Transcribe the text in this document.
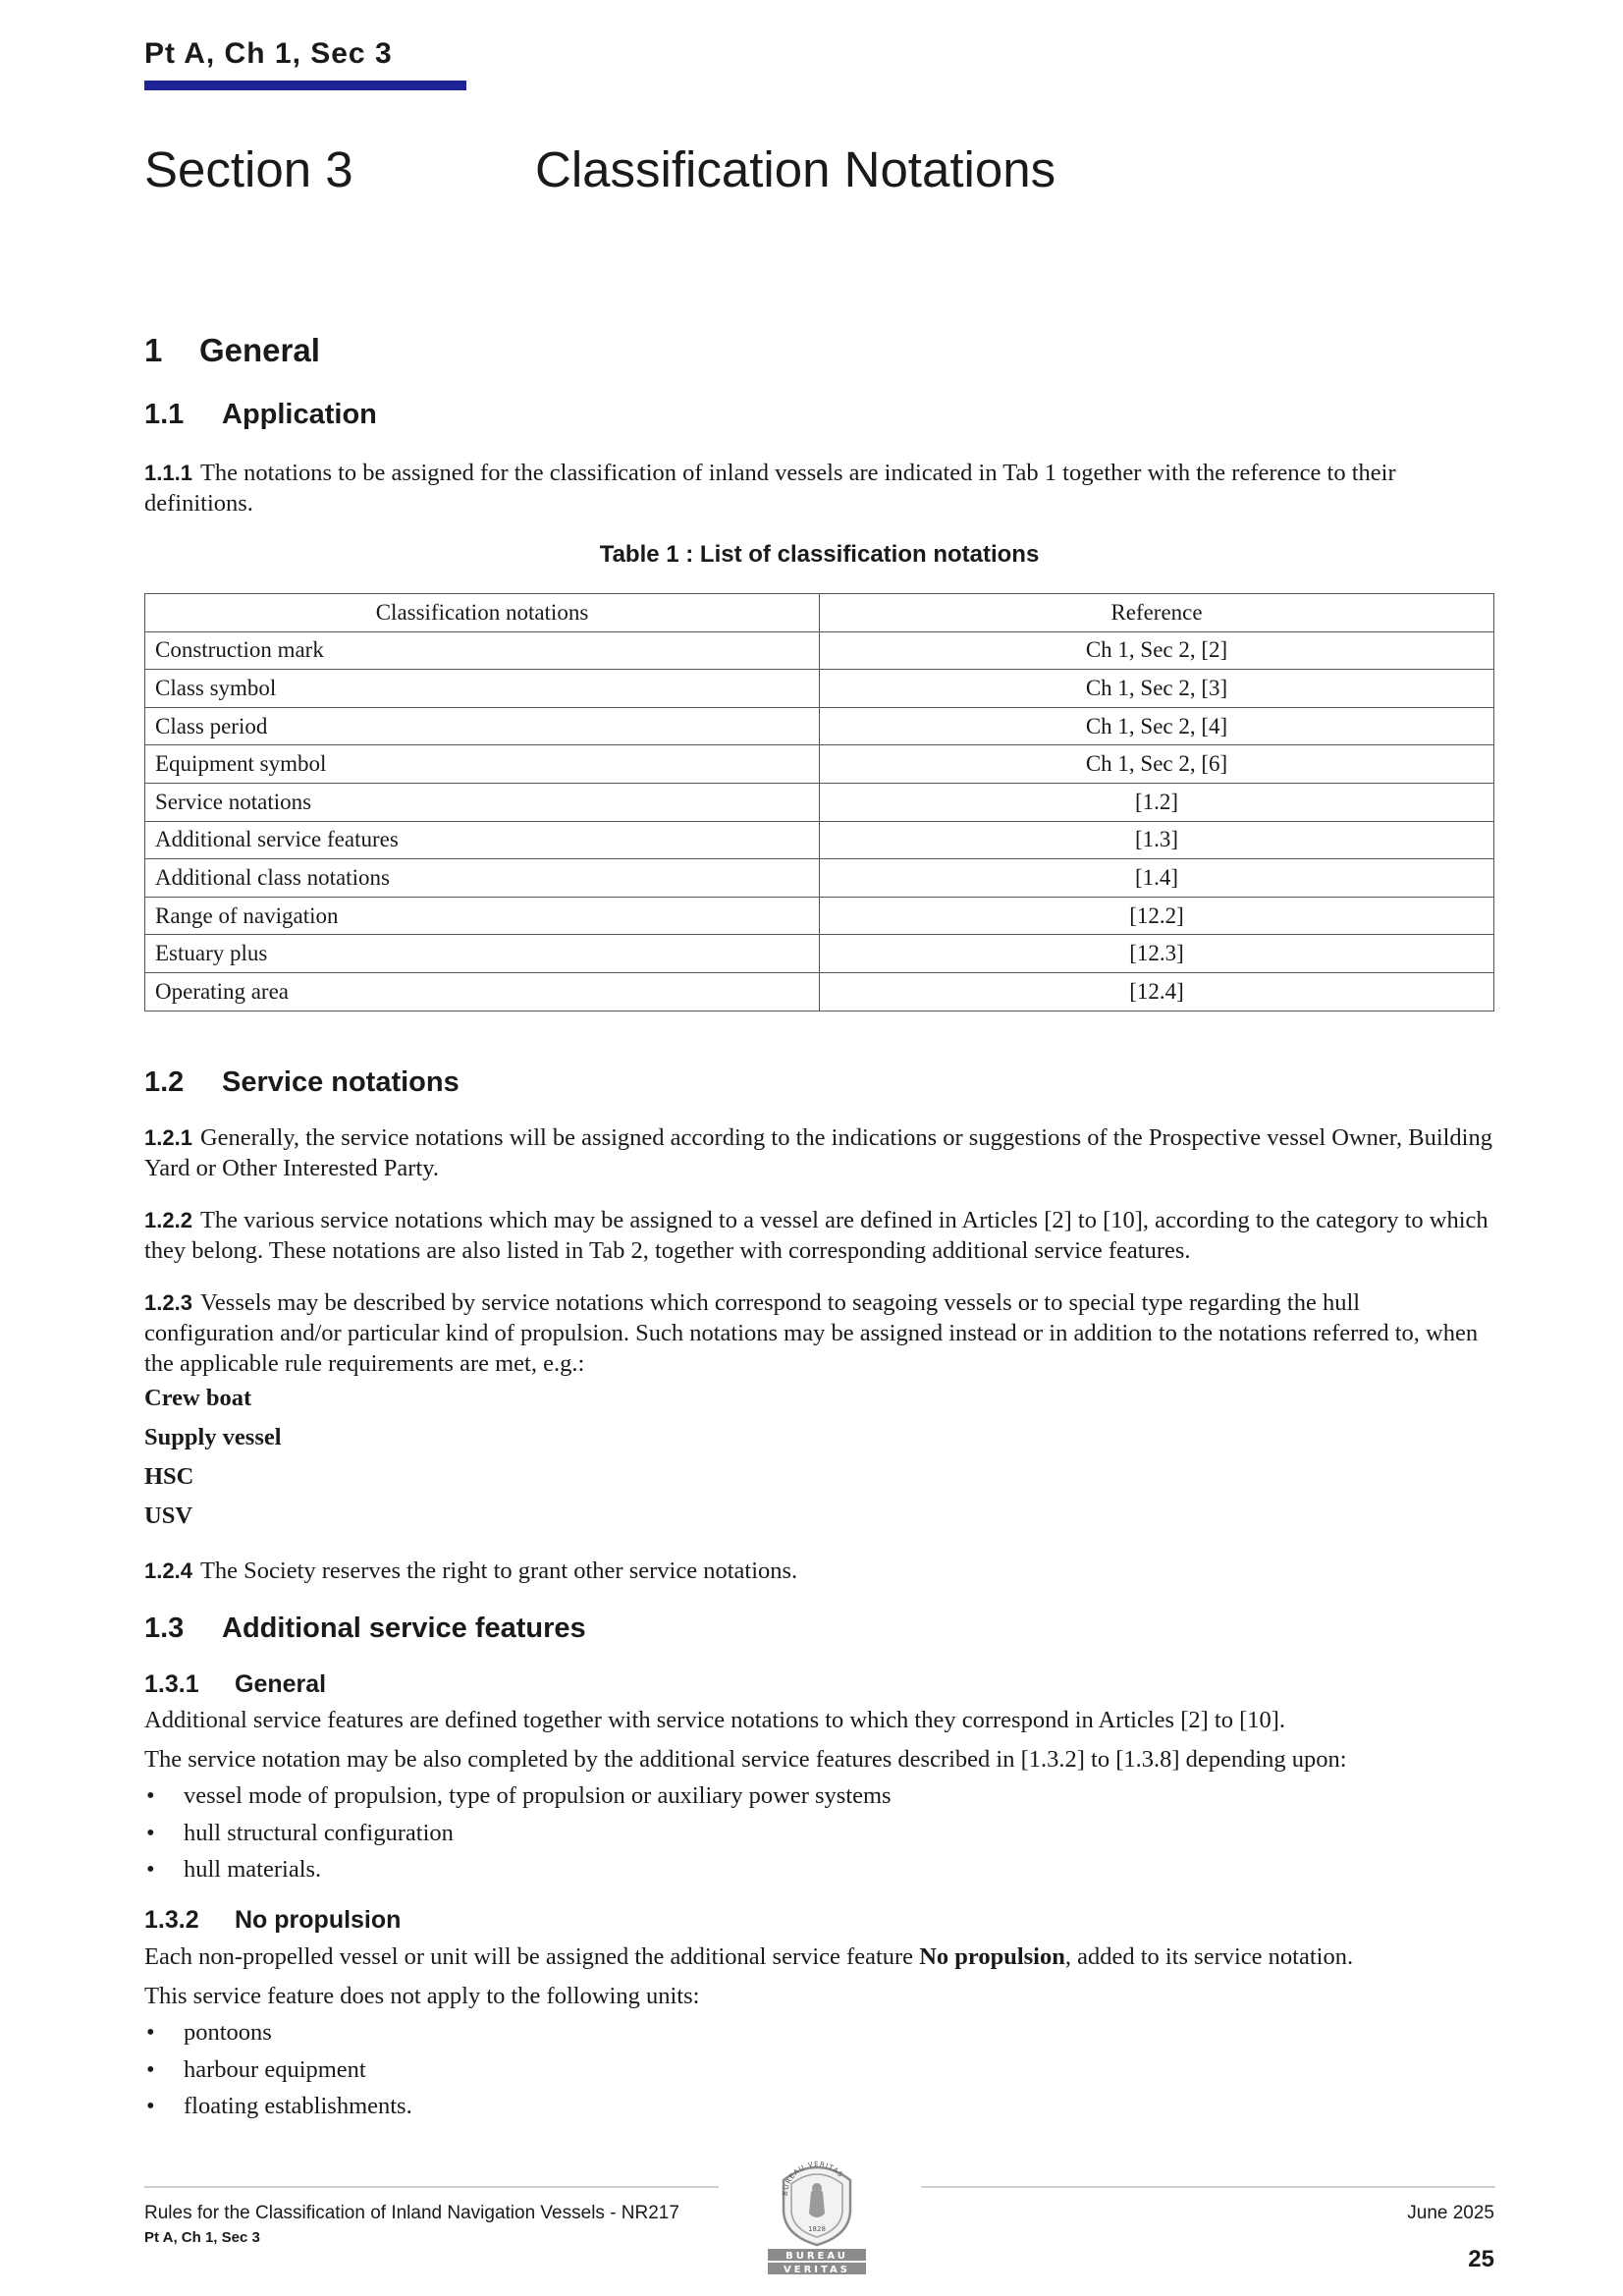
Pt A, Ch 1, Sec 3
Section 3	Classification Notations
1 General
1.1 Application
1.1.1 The notations to be assigned for the classification of inland vessels are indicated in Tab 1 together with the reference to their definitions.
Table 1 : List of classification notations
Classification notations	Reference
Construction mark	Ch 1, Sec 2, [2]
Class symbol	Ch 1, Sec 2, [3]
Class period	Ch 1, Sec 2, [4]
Equipment symbol	Ch 1, Sec 2, [6]
Service notations	[1.2]
Additional service features	[1.3]
Additional class notations	[1.4]
Range of navigation	[12.2]
Estuary plus	[12.3]
Operating area	[12.4]
1.2 Service notations
1.2.1 Generally, the service notations will be assigned according to the indications or suggestions of the Prospective vessel Owner, Building Yard or Other Interested Party.
1.2.2 The various service notations which may be assigned to a vessel are defined in Articles [2] to [10], according to the category to which they belong. These notations are also listed in Tab 2, together with corresponding additional service features.
1.2.3 Vessels may be described by service notations which correspond to seagoing vessels or to special type regarding the hull configuration and/or particular kind of propulsion. Such notations may be assigned instead or in addition to the notations referred to, when the applicable rule requirements are met, e.g.:
Crew boat
Supply vessel
HSC
USV
1.2.4 The Society reserves the right to grant other service notations.
1.3 Additional service features
1.3.1 General
Additional service features are defined together with service notations to which they correspond in Articles [2] to [10].
The service notation may be also completed by the additional service features described in [1.3.2] to [1.3.8] depending upon:
• vessel mode of propulsion, type of propulsion or auxiliary power systems
• hull structural configuration
• hull materials.
1.3.2 No propulsion
Each non-propelled vessel or unit will be assigned the additional service feature No propulsion, added to its service notation.
This service feature does not apply to the following units:
• pontoons
• harbour equipment
• floating establishments.
Rules for the Classification of Inland Navigation Vessels - NR217
Pt A, Ch 1, Sec 3
June 2025
25
BUREAU VERITAS
1828
BUREAU
VERITAS
